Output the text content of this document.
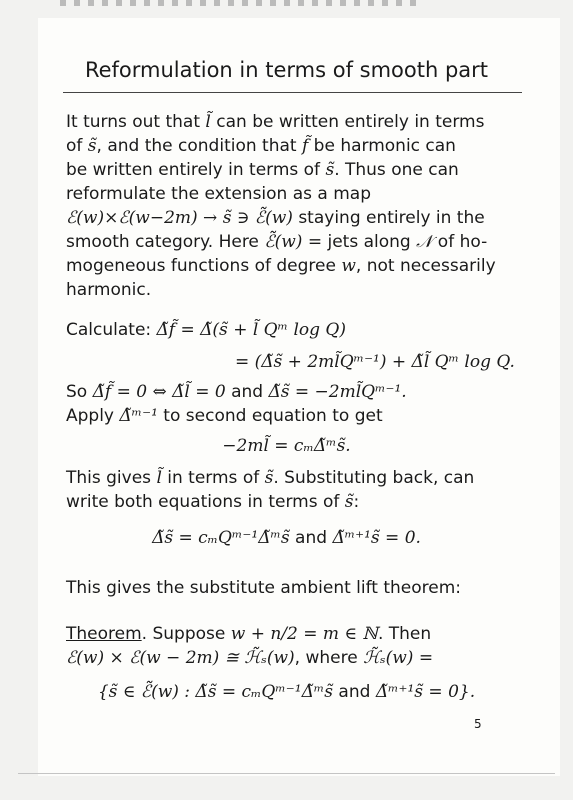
Reformulation in terms of smooth part
It turns out that l̃ can be written entirely in terms
of s̃, and the condition that f̃ be harmonic can
be written entirely in terms of s̃. Thus one can
reformulate the extension as a map
ℰ(w)×ℰ(w−2m) → s̃ ∋ ℰ̃(w) staying entirely in the
smooth category. Here ℰ̃(w) = jets along 𝒩 of ho-
mogeneous functions of degree w, not necessarily
harmonic.
Calculate: Δ̃f̃ = Δ̃(s̃ + l̃ Qᵐ log Q)
= (Δ̃s̃ + 2ml̃Qᵐ⁻¹) + Δ̃l̃ Qᵐ log Q.
So Δ̃f̃ = 0 ⇔ Δ̃l̃ = 0 and Δ̃s̃ = −2ml̃Qᵐ⁻¹.
Apply Δ̃ᵐ⁻¹ to second equation to get
−2ml̃ = cₘΔ̃ᵐs̃.
This gives l̃ in terms of s̃. Substituting back, can
write both equations in terms of s̃:
Δ̃s̃ = cₘQᵐ⁻¹Δ̃ᵐs̃ and Δ̃ᵐ⁺¹s̃ = 0.
This gives the substitute ambient lift theorem:
Theorem. Suppose w + n/2 = m ∈ ℕ. Then
ℰ(w) × ℰ(w − 2m) ≅ ℋ̃ₛ(w), where ℋ̃ₛ(w) =
{s̃ ∈ ℰ̃(w) : Δ̃s̃ = cₘQᵐ⁻¹Δ̃ᵐs̃ and Δ̃ᵐ⁺¹s̃ = 0}.
5
